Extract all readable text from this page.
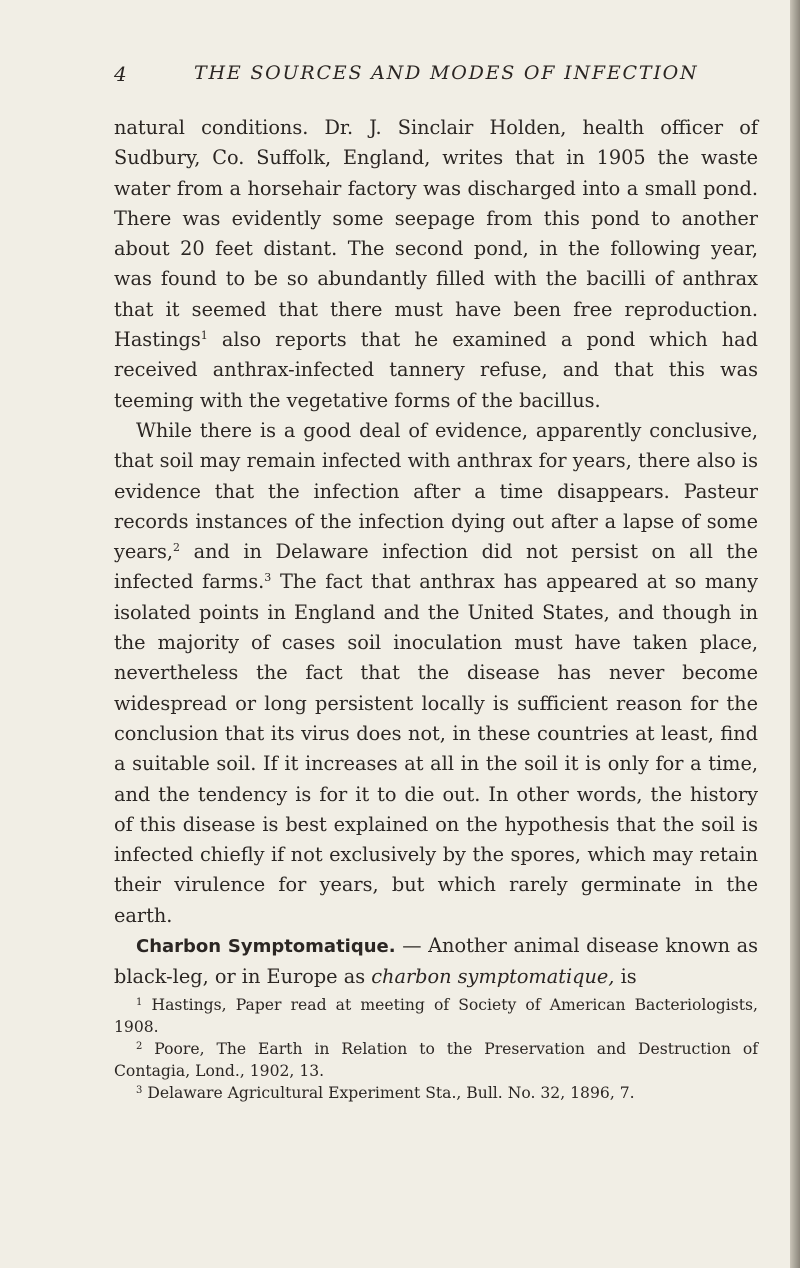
4	THE SOURCES AND MODES OF INFECTION

natural conditions. Dr. J. Sinclair Holden, health officer of Sudbury, Co. Suffolk, England, writes that in 1905 the waste water from a horsehair factory was discharged into a small pond. There was evidently some seepage from this pond to another about 20 feet distant. The second pond, in the following year, was found to be so abundantly filled with the bacilli of anthrax that it seemed that there must have been free reproduction. Hastings$^1$ also reports that he examined a pond which had received anthrax-infected tannery refuse, and that this was teeming with the vegetative forms of the bacillus.

While there is a good deal of evidence, apparently conclusive, that soil may remain infected with anthrax for years, there also is evidence that the infection after a time disappears. Pasteur records instances of the infection dying out after a lapse of some years,$^2$ and in Delaware infection did not persist on all the infected farms.$^3$ The fact that anthrax has appeared at so many isolated points in England and the United States, and though in the majority of cases soil inoculation must have taken place, nevertheless the fact that the disease has never become widespread or long persistent locally is sufficient reason for the conclusion that its virus does not, in these countries at least, find a suitable soil. If it increases at all in the soil it is only for a time, and the tendency is for it to die out. In other words, the history of this disease is best explained on the hypothesis that the soil is infected chiefly if not exclusively by the spores, which may retain their virulence for years, but which rarely germinate in the earth.

Charbon Symptomatique. — Another animal disease known as black-leg, or in Europe as charbon symptomatique, is

$^1$ Hastings, Paper read at meeting of Society of American Bacteriologists, 1908.

$^2$ Poore, The Earth in Relation to the Preservation and Destruction of Contagia, Lond., 1902, 13.

$^3$ Delaware Agricultural Experiment Sta., Bull. No. 32, 1896, 7.
